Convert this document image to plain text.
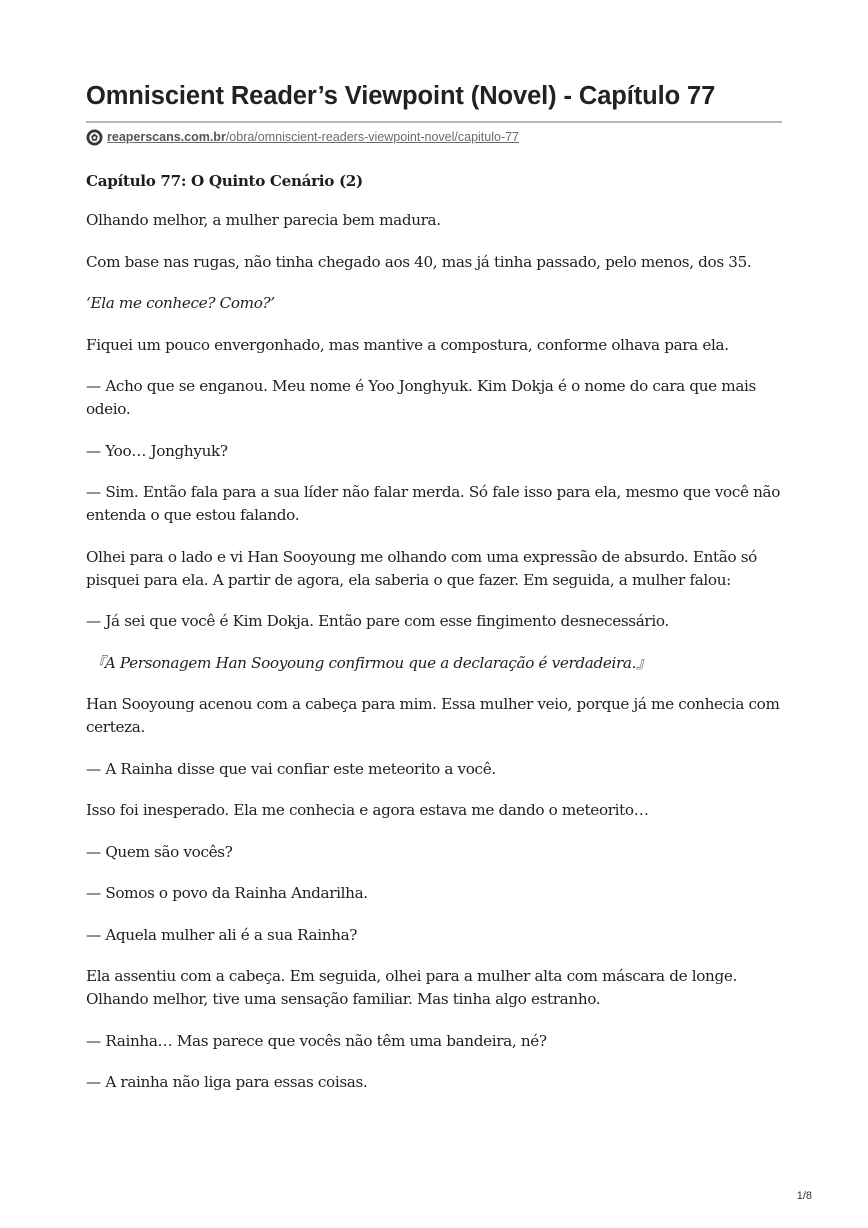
Omniscient Reader’s Viewpoint (Novel) - Capítulo 77
reaperscans.com.br/obra/omniscient-readers-viewpoint-novel/capitulo-77

Capítulo 77: O Quinto Cenário (2)

Olhando melhor, a mulher parecia bem madura.

Com base nas rugas, não tinha chegado aos 40, mas já tinha passado, pelo menos, dos 35.

‘Ela me conhece? Como?’

Fiquei um pouco envergonhado, mas mantive a compostura, conforme olhava para ela.

— Acho que se enganou. Meu nome é Yoo Jonghyuk. Kim Dokja é o nome do cara que mais odeio.

— Yoo… Jonghyuk?

— Sim. Então fala para a sua líder não falar merda. Só fale isso para ela, mesmo que você não entenda o que estou falando.

Olhei para o lado e vi Han Sooyoung me olhando com uma expressão de absurdo. Então só pisquei para ela. A partir de agora, ela saberia o que fazer. Em seguida, a mulher falou:

— Já sei que você é Kim Dokja. Então pare com esse fingimento desnecessário.

『A Personagem Han Sooyoung confirmou que a declaração é verdadeira.』

Han Sooyoung acenou com a cabeça para mim. Essa mulher veio, porque já me conhecia com certeza.

— A Rainha disse que vai confiar este meteorito a você.

Isso foi inesperado. Ela me conhecia e agora estava me dando o meteorito…

— Quem são vocês?

— Somos o povo da Rainha Andarilha.

— Aquela mulher ali é a sua Rainha?

Ela assentiu com a cabeça. Em seguida, olhei para a mulher alta com máscara de longe. Olhando melhor, tive uma sensação familiar. Mas tinha algo estranho.

— Rainha… Mas parece que vocês não têm uma bandeira, né?

— A rainha não liga para essas coisas.

1/8
